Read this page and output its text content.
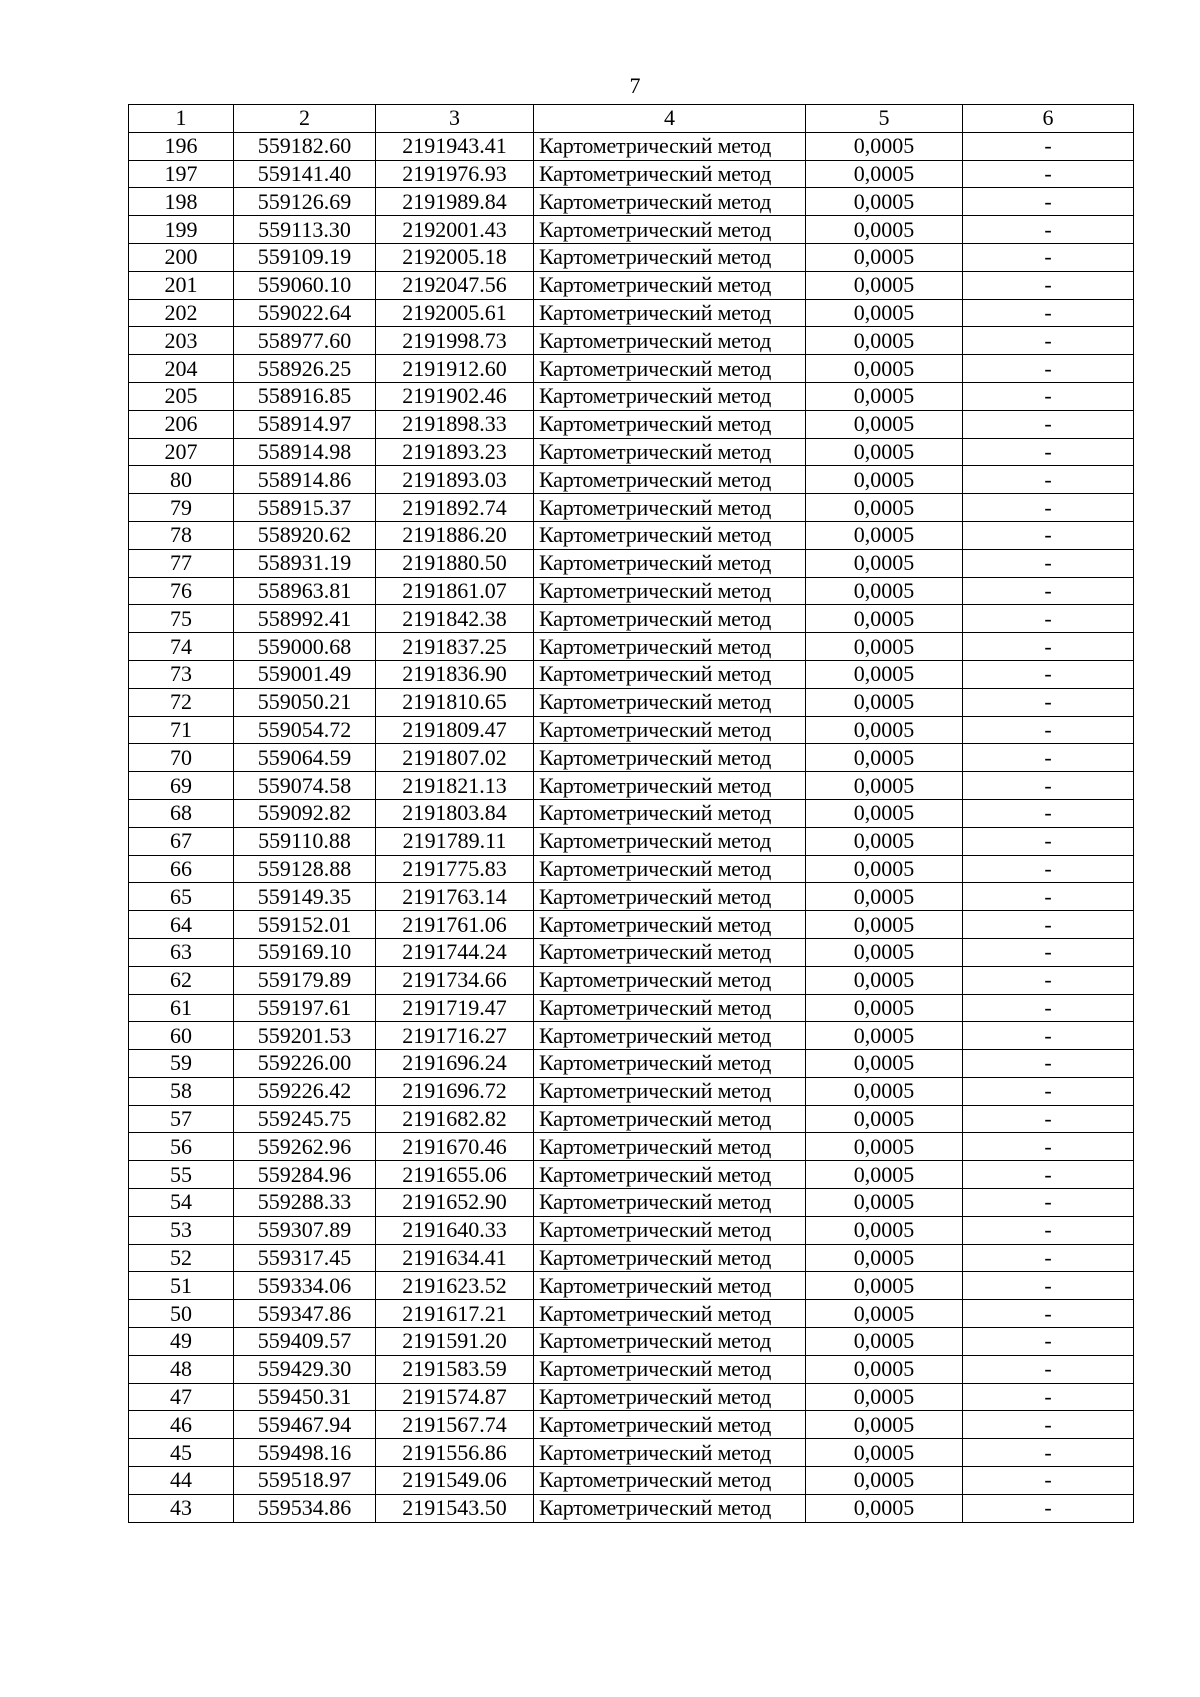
7
1	2	3	4	5	6
196	559182.60	2191943.41	Картометрический метод	0,0005	-
197	559141.40	2191976.93	Картометрический метод	0,0005	-
198	559126.69	2191989.84	Картометрический метод	0,0005	-
199	559113.30	2192001.43	Картометрический метод	0,0005	-
200	559109.19	2192005.18	Картометрический метод	0,0005	-
201	559060.10	2192047.56	Картометрический метод	0,0005	-
202	559022.64	2192005.61	Картометрический метод	0,0005	-
203	558977.60	2191998.73	Картометрический метод	0,0005	-
204	558926.25	2191912.60	Картометрический метод	0,0005	-
205	558916.85	2191902.46	Картометрический метод	0,0005	-
206	558914.97	2191898.33	Картометрический метод	0,0005	-
207	558914.98	2191893.23	Картометрический метод	0,0005	-
80	558914.86	2191893.03	Картометрический метод	0,0005	-
79	558915.37	2191892.74	Картометрический метод	0,0005	-
78	558920.62	2191886.20	Картометрический метод	0,0005	-
77	558931.19	2191880.50	Картометрический метод	0,0005	-
76	558963.81	2191861.07	Картометрический метод	0,0005	-
75	558992.41	2191842.38	Картометрический метод	0,0005	-
74	559000.68	2191837.25	Картометрический метод	0,0005	-
73	559001.49	2191836.90	Картометрический метод	0,0005	-
72	559050.21	2191810.65	Картометрический метод	0,0005	-
71	559054.72	2191809.47	Картометрический метод	0,0005	-
70	559064.59	2191807.02	Картометрический метод	0,0005	-
69	559074.58	2191821.13	Картометрический метод	0,0005	-
68	559092.82	2191803.84	Картометрический метод	0,0005	-
67	559110.88	2191789.11	Картометрический метод	0,0005	-
66	559128.88	2191775.83	Картометрический метод	0,0005	-
65	559149.35	2191763.14	Картометрический метод	0,0005	-
64	559152.01	2191761.06	Картометрический метод	0,0005	-
63	559169.10	2191744.24	Картометрический метод	0,0005	-
62	559179.89	2191734.66	Картометрический метод	0,0005	-
61	559197.61	2191719.47	Картометрический метод	0,0005	-
60	559201.53	2191716.27	Картометрический метод	0,0005	-
59	559226.00	2191696.24	Картометрический метод	0,0005	-
58	559226.42	2191696.72	Картометрический метод	0,0005	-
57	559245.75	2191682.82	Картометрический метод	0,0005	-
56	559262.96	2191670.46	Картометрический метод	0,0005	-
55	559284.96	2191655.06	Картометрический метод	0,0005	-
54	559288.33	2191652.90	Картометрический метод	0,0005	-
53	559307.89	2191640.33	Картометрический метод	0,0005	-
52	559317.45	2191634.41	Картометрический метод	0,0005	-
51	559334.06	2191623.52	Картометрический метод	0,0005	-
50	559347.86	2191617.21	Картометрический метод	0,0005	-
49	559409.57	2191591.20	Картометрический метод	0,0005	-
48	559429.30	2191583.59	Картометрический метод	0,0005	-
47	559450.31	2191574.87	Картометрический метод	0,0005	-
46	559467.94	2191567.74	Картометрический метод	0,0005	-
45	559498.16	2191556.86	Картометрический метод	0,0005	-
44	559518.97	2191549.06	Картометрический метод	0,0005	-
43	559534.86	2191543.50	Картометрический метод	0,0005	-
